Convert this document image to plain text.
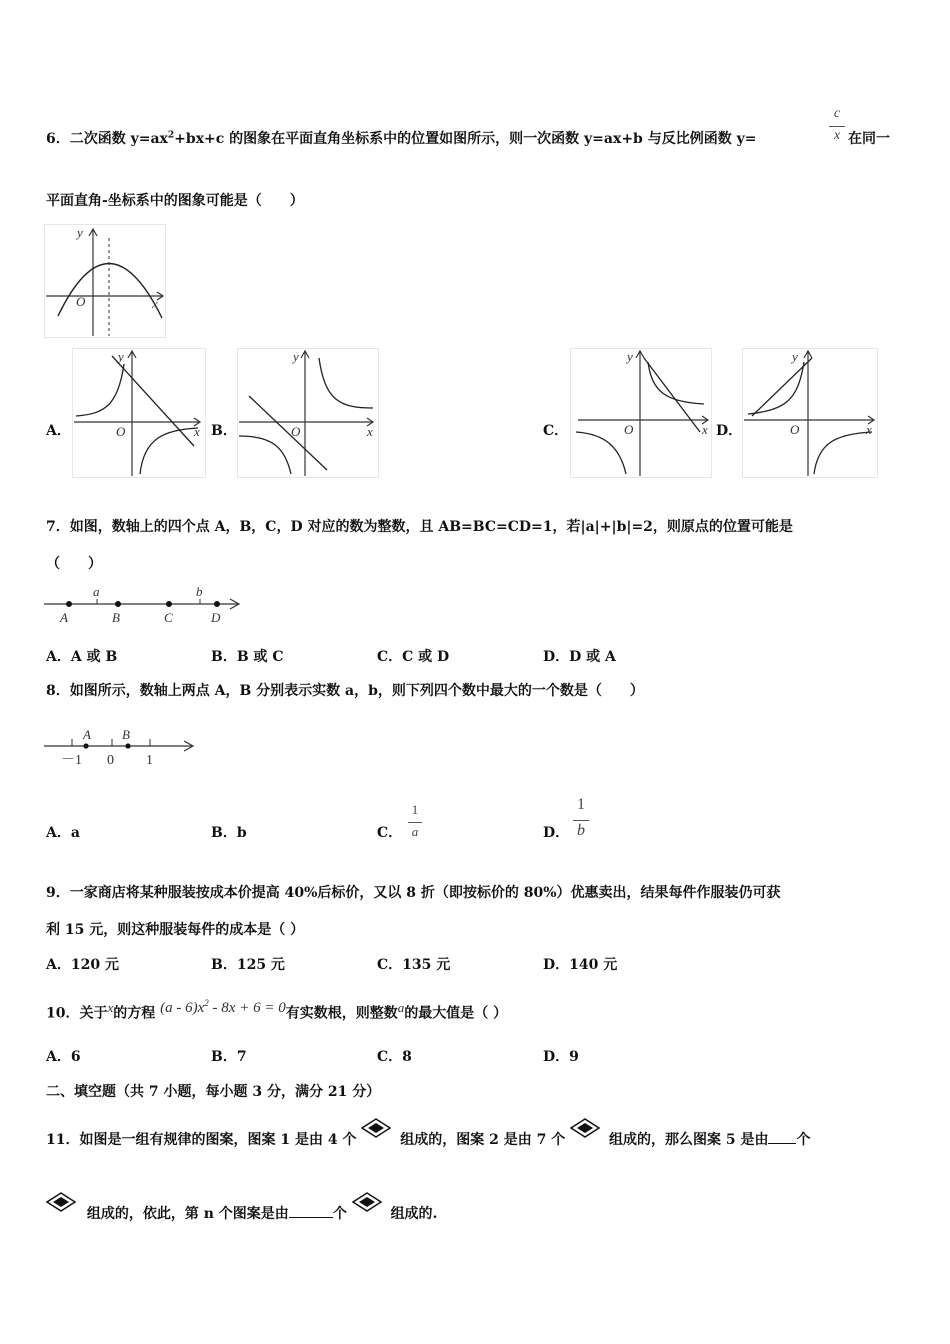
6．二次函数 $y=ax^2+bx+c$ 的图象在平面直角坐标系中的位置如图所示，则一次函数 y=ax+b 与反比例函数 y=
c
x 在同一
平面直角-坐标系中的图象可能是（　　）
y
x
O
A．
y
x
O	B．
y
x
O	C．
y
x
O	D．
y
x
O
7．如图，数轴上的四个点 A，B，C，D 对应的数为整数，且 AB=BC=CD=1，若|a|+|b|=2，则原点的位置可能是
（　　）
a	b
A	B	C	D
A．A 或 B	B．B 或 C	C．C 或 D	D．D 或 A
8．如图所示，数轴上两点 A，B 分别表示实数 a，b，则下列四个数中最大的一个数是（　　）
A B
－1 0 1
A．a	B．b	C．
1
a	D．
1
b
9．一家商店将某种服装按成本价提高 40%后标价，又以 8 折（即按标价的 80%）优惠卖出，结果每件作服装仍可获
利 15 元，则这种服装每件的成本是（ ）
A．120 元	B．125 元	C．135 元	D．140 元
10．关于$^x$的方程 $(a - 6)x^2 - 8x + 6 = 0$有实数根，则整数$^a$的最大值是（ ）
A．6	B．7	C．8	D．9
二、填空题（共 7 小题，每小题 3 分，满分 21 分）
11．如图是一组有规律的图案，图案 1 是由 4 个	组成的，图案 2 是由 7 个	组成的，那么图案 5 是由 个
组成的，依此，第 n 个图案是由	个	组成的.
